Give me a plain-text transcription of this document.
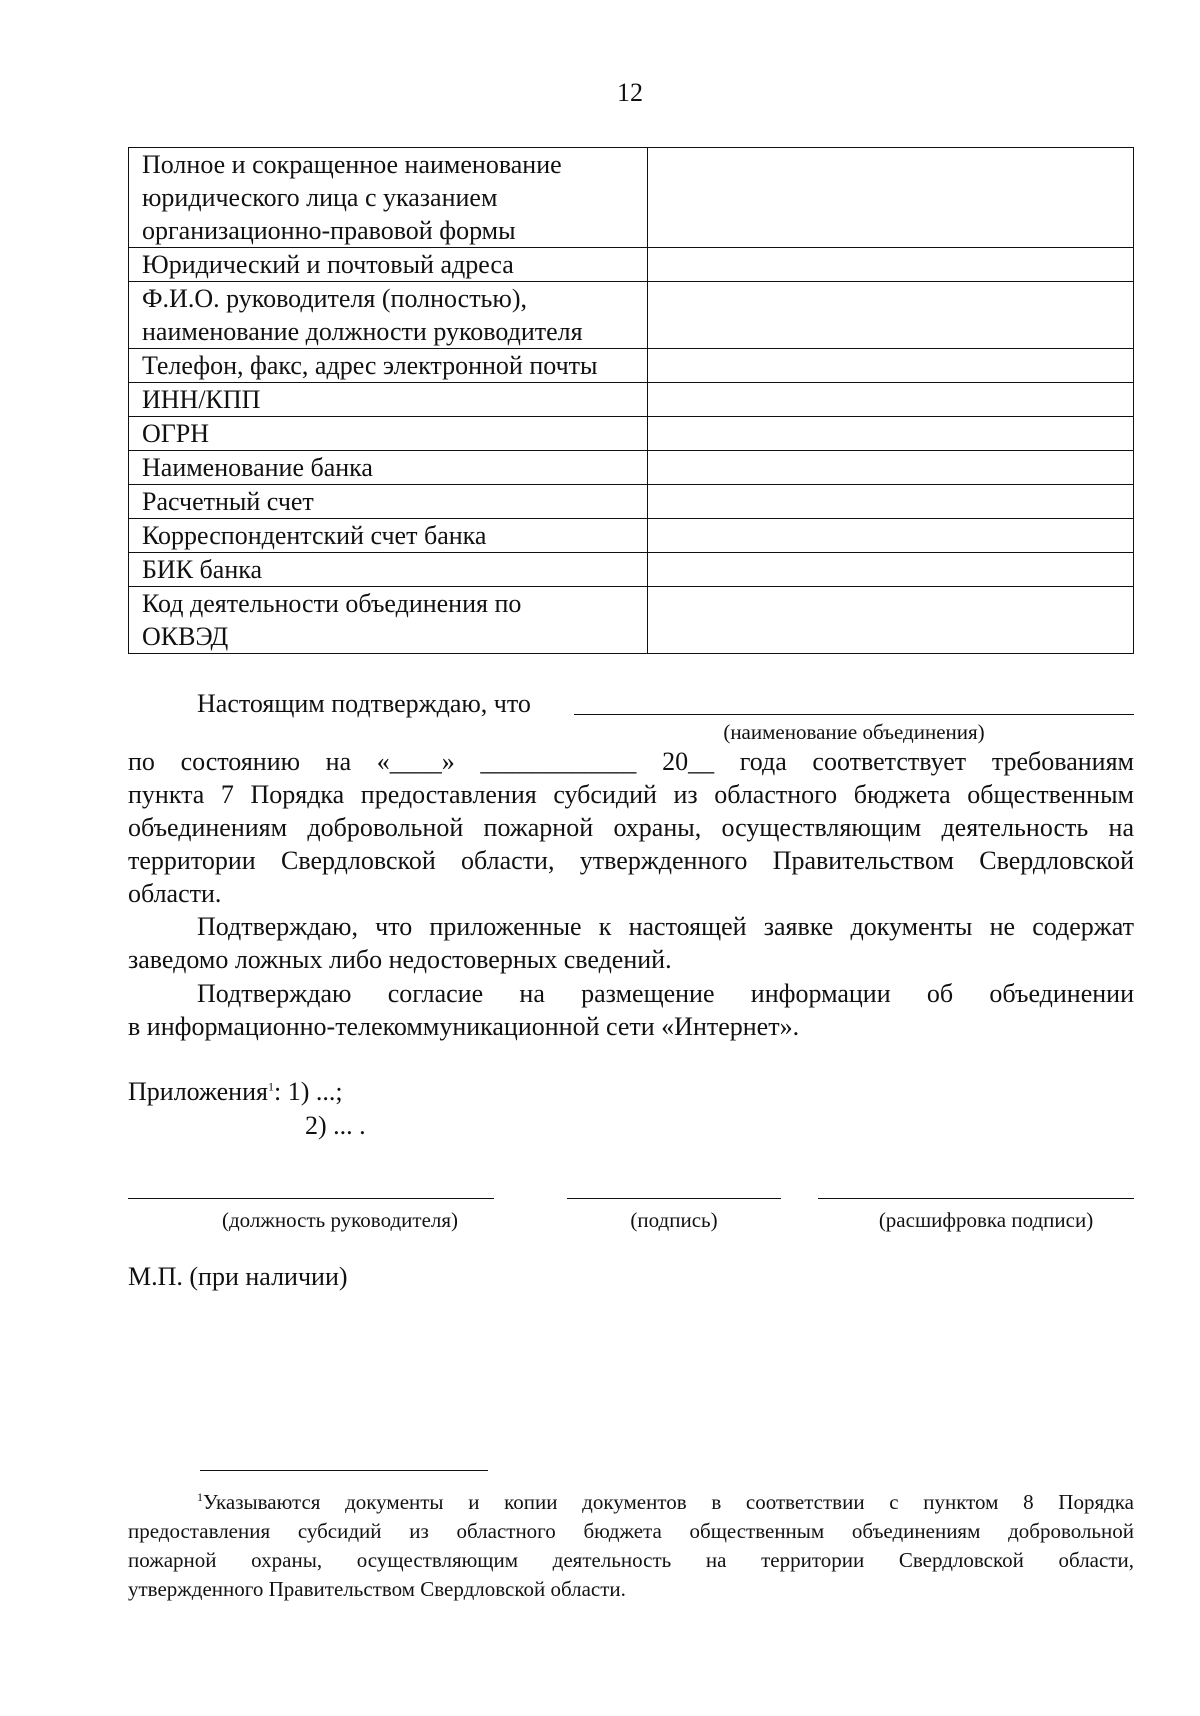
12
Полное и сокращенное наименование
юридического лица с указанием
организационно-правовой формы	

Юридический и почтовый адреса	

Ф.И.О. руководителя (полностью),
наименование должности руководителя	

Телефон, факс, адрес электронной почты	

ИНН/КПП	

ОГРН	

Наименование банка	

Расчетный счет	

Корреспондентский счет банка	

БИК банка	

Код деятельности объединения по
ОКВЭД	

Настоящим подтверждаю, что
(наименование объединения)
по состоянию на «____» ____________ 20__ года соответствует требованиям
пункта 7 Порядка предоставления субсидий из областного бюджета общественным
объединениям добровольной пожарной охраны, осуществляющим деятельность на
территории Свердловской области, утвержденного Правительством Свердловской
области.
Подтверждаю, что приложенные к настоящей заявке документы не содержат
заведомо ложных либо недостоверных сведений.
Подтверждаю согласие на размещение информации об объединении
в информационно-телекоммуникационной сети «Интернет».
Приложения$^1$: 1) ...;
2) ... .
(должность руководителя)	(подпись)	(расшифровка подписи)
М.П. (при наличии)
$^1$Указываются документы и копии документов в соответствии с пунктом 8 Порядка
предоставления субсидий из областного бюджета общественным объединениям добровольной
пожарной охраны, осуществляющим деятельность на территории Свердловской области,
утвержденного Правительством Свердловской области.
